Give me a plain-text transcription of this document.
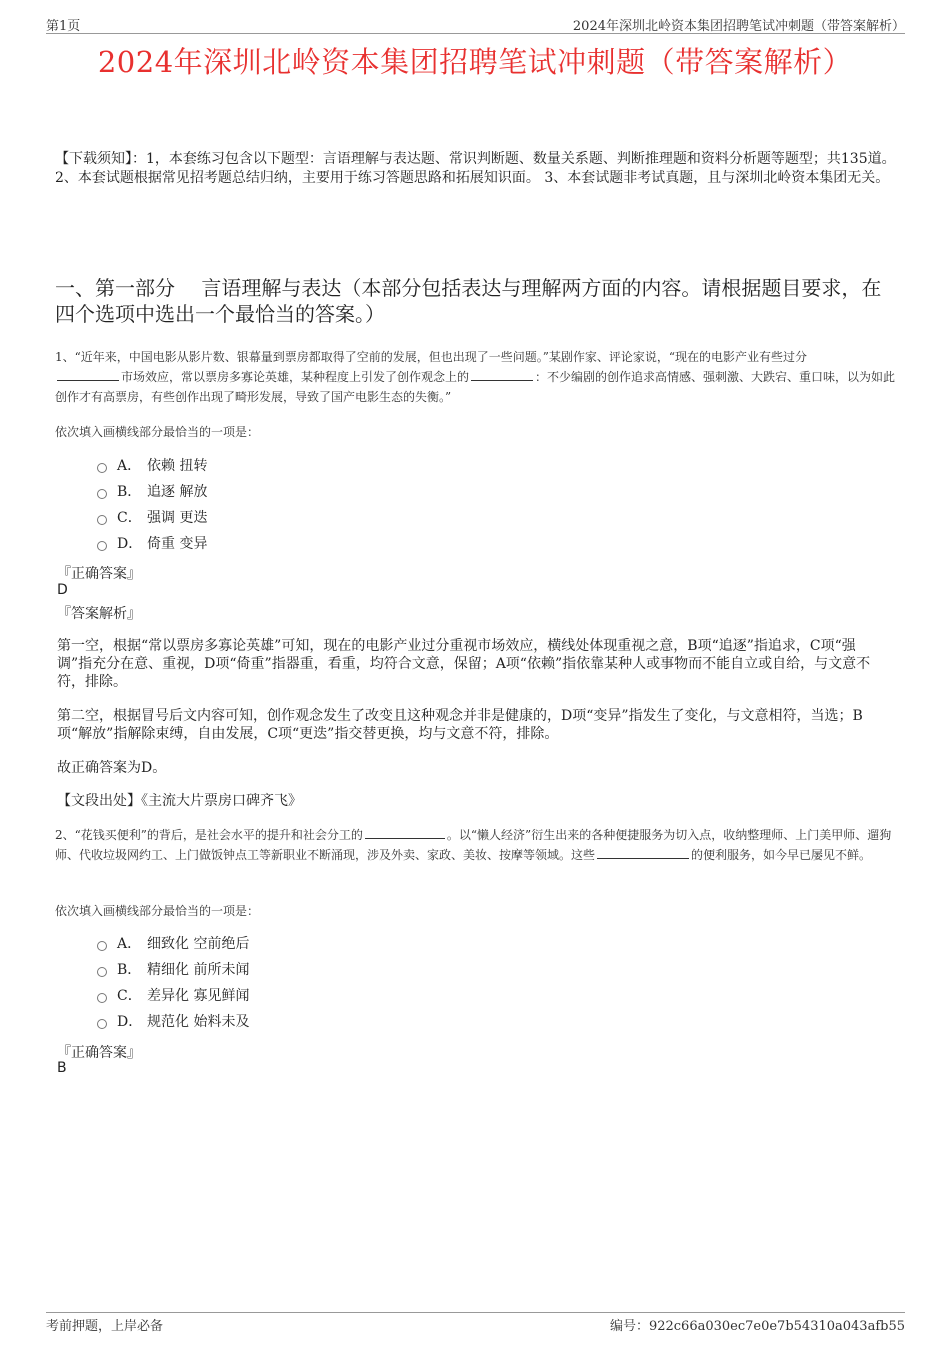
第1页	2024年深圳北岭资本集团招聘笔试冲刺题（带答案解析）
2024年深圳北岭资本集团招聘笔试冲刺题（带答案解析）

【下载须知】：1，本套练习包含以下题型：言语理解与表达题、常识判断题、数量关系题、判断推理题和资料分析题等题型；共135道。 2、本套试题根据常见招考题总结归纳，主要用于练习答题思路和拓展知识面。 3、本套试题非考试真题，且与深圳北岭资本集团无关。

一、第一部分　 言语理解与表达（本部分包括表达与理解两方面的内容。请根据题目要求，在四个选项中选出一个最恰当的答案。）

1、“近年来，中国电影从影片数、银幕量到票房都取得了空前的发展，但也出现了一些问题。”某剧作家、评论家说，“现在的电影产业有些过分
市场效应，常以票房多寡论英雄，某种程度上引发了创作观念上的	：不少编剧的创作追求高情感、强刺激、大跌宕、重口味，以为如此创作才有高票房，有些创作出现了畸形发展，导致了国产电影生态的失衡。”

依次填入画横线部分最恰当的一项是：

A． 依赖 扭转
B． 追逐 解放
C． 强调 更迭
D． 倚重 变异

『正确答案』

D

『答案解析』

第一空，根据“常以票房多寡论英雄”可知，现在的电影产业过分重视市场效应，横线处体现重视之意，B项“追逐”指追求，C项“强调”指充分在意、重视，D项“倚重”指器重，看重，均符合文意，保留；A项“依赖”指依靠某种人或事物而不能自立或自给，与文意不符，排除。

第二空，根据冒号后文内容可知，创作观念发生了改变且这种观念并非是健康的，D项“变异”指发生了变化，与文意相符，当选；B项“解放”指解除束缚，自由发展，C项“更迭”指交替更换，均与文意不符，排除。

故正确答案为D。

【文段出处】《主流大片票房口碑齐飞》

2、“花钱买便利”的背后，是社会水平的提升和社会分工的	。以“懒人经济”衍生出来的各种便捷服务为切入点，收纳整理师、上门美甲师、遛狗师、代收垃圾网约工、上门做饭钟点工等新职业不断涌现，涉及外卖、家政、美妆、按摩等领域。这些	的便利服务，如今早已屡见不鲜。

依次填入画横线部分最恰当的一项是：

A． 细致化 空前绝后
B． 精细化 前所未闻
C． 差异化 寡见鲜闻
D． 规范化 始料未及

『正确答案』

B

考前押题，上岸必备	编号：922c66a030ec7e0e7b54310a043afb55
